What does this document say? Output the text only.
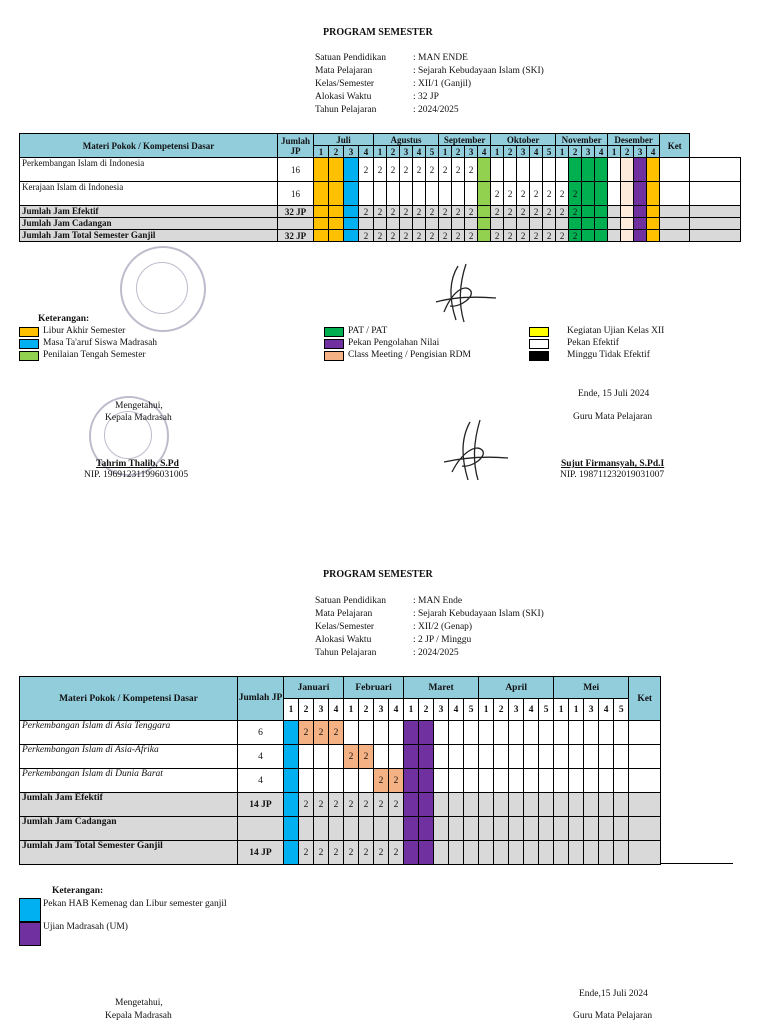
PROGRAM SEMESTER
Satuan Pendidikan	: MAN ENDE
Mata Pelajaran	: Sejarah Kebudayaan Islam (SKI)
Kelas/Semester	: XII/1 (Ganjil)
Alokasi Waktu	: 32 JP
Tahun Pelajaran	: 2024/2025
Materi Pokok / Kompetensi Dasar	Jumlah JP	Juli				Agustus					September				Oktober					November				Desember				Ket	
		1	2	3	4	1	2	3	4	5	1	2	3	4	1	2	3	4	5	1	2	3	4	1	2	3	4		
Perkembangan Islam di Indonesia	16				2	2	2	2	2	2	2	2	2																
Kerajaan Islam di Indonesia	16														2	2	2	2	2	2	2								
Jumlah Jam Efektif	32 JP				2	2	2	2	2	2	2	2	2		2	2	2	2	2	2	2								
Jumlah Jam Cadangan																													
Jumlah Jam Total Semester Ganjil	32 JP				2	2	2	2	2	2	2	2	2		2	2	2	2	2	2	2								
Keterangan:
Libur Akhir Semester
Masa Ta'aruf Siswa Madrasah
Penilaian Tengah Semester
PAT / PAT
Pekan Pengolahan Nilai
Class Meeting / Pengisian RDM
Kegiatan Ujian Kelas XII
Pekan Efektif
Minggu Tidak Efektif
Mengetahui,
Kepala Madrasah
Tahrim Thalib, S.Pd
NIP. 196912311996031005
Ende, 15 Juli 2024
Guru Mata Pelajaran
Sujut Firmansyah, S.Pd.I
NIP. 198711232019031007
PROGRAM SEMESTER
Satuan Pendidikan	: MAN Ende
Mata Pelajaran	: Sejarah Kebudayaan Islam (SKI)
Kelas/Semester	: XII/2 (Genap)
Alokasi Waktu	: 2 JP / Minggu
Tahun Pelajaran	: 2024/2025
Materi Pokok / Kompetensi Dasar	Jumlah JP	Januari				Februari				Maret					April					Mei					Ket	
		1	2	3	4	1	2	3	4	1	2	3	4	5	1	2	3	4	5	1	1	3	4	5		
Perkembangan Islam di Asia Tenggara	6		2	2	2																					
Perkembangan Islam di Asia-Afrika	4					2	2																			
Perkembangan Islam di Dunia Barat	4							2	2																	
Jumlah Jam Efektif	14 JP		2	2	2	2	2	2	2																	
Jumlah Jam Cadangan																										
Jumlah Jam Total Semester Ganjil	14 JP		2	2	2	2	2	2	2																	
Keterangan:
Pekan HAB Kemenag dan Libur semester ganjil
Ujian Madrasah (UM)
Mengetahui,
Kepala Madrasah
Ende,15 Juli 2024
Guru Mata Pelajaran
